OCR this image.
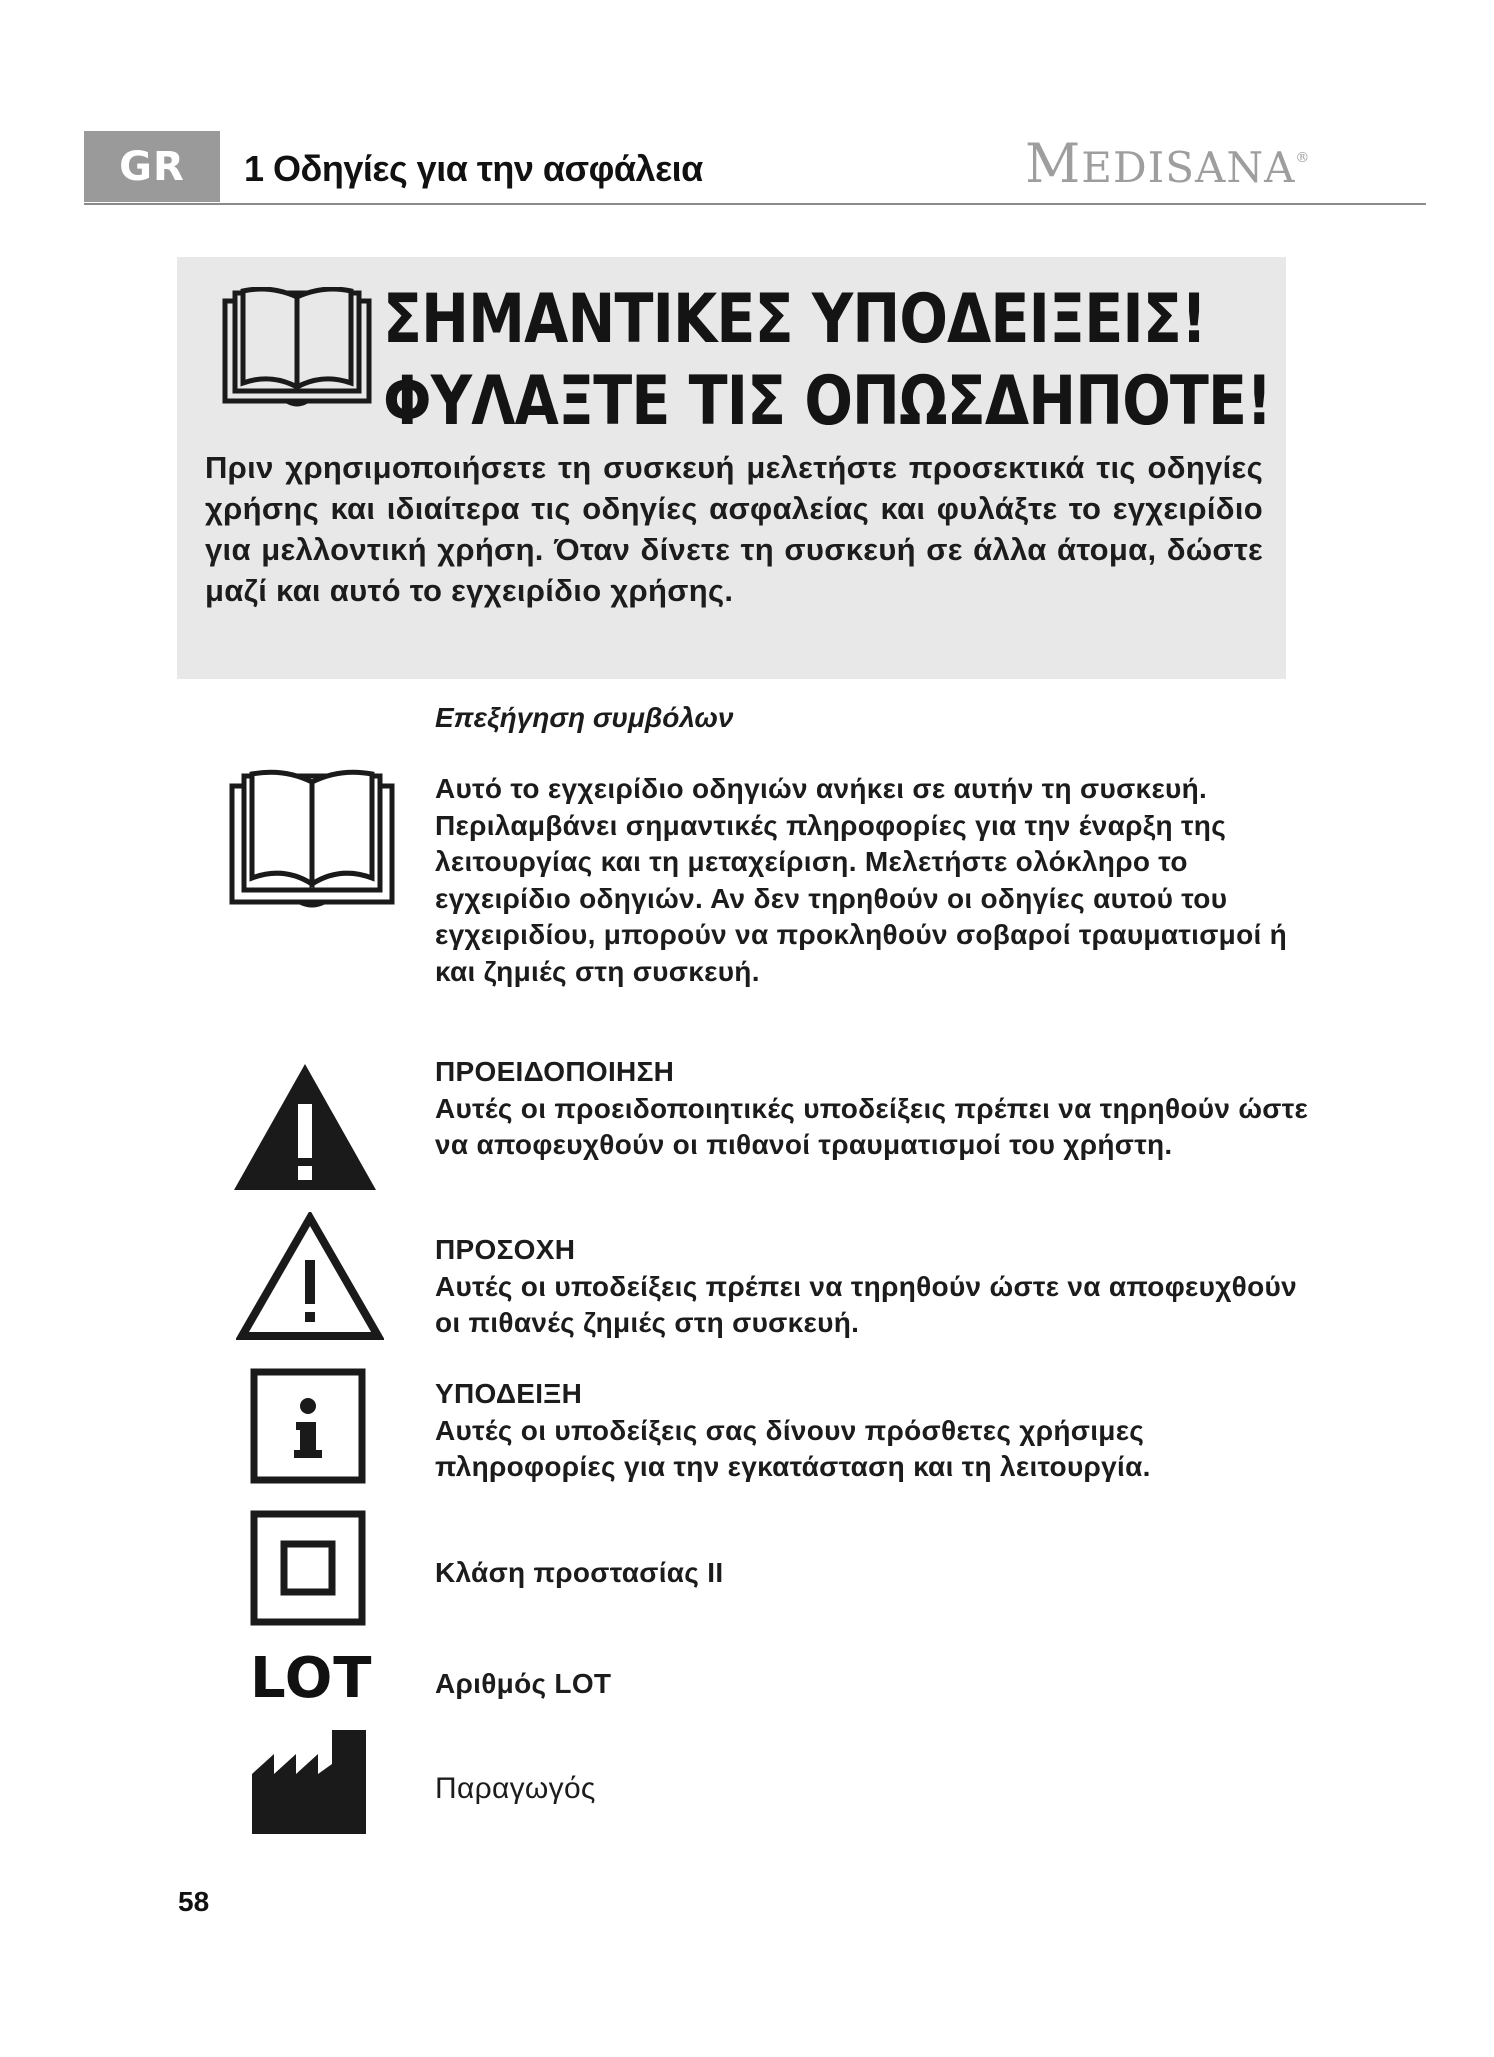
GR	1 Οδηγίες για την ασφάλεια	MEDISANA®
ΣΗΜΑΝΤΙΚΕΣ ΥΠΟΔΕΙΞΕΙΣ!
ΦΥΛΑΞΤΕ ΤΙΣ ΟΠΩΣΔΗΠΟΤΕ!
Πριν χρησιμοποιήσετε τη συσκευή μελετήστε προσεκτικά τις οδηγίες χρήσης και ιδιαίτερα τις οδηγίες ασφαλείας και φυλάξτε το εγχειρίδιο για μελλοντική χρήση. Όταν δίνετε τη συσκευή σε άλλα άτομα, δώστε μαζί και αυτό το εγχειρίδιο χρήσης.
Επεξήγηση συμβόλων
Αυτό το εγχειρίδιο οδηγιών ανήκει σε αυτήν τη συσκευή. Περιλαμβάνει σημαντικές πληροφορίες για την έναρξη της λειτουργίας και τη μεταχείριση. Μελετήστε ολόκληρο το εγχειρίδιο οδηγιών. Αν δεν τηρηθούν οι οδηγίες αυτού του εγχειριδίου, μπορούν να προκληθούν σοβαροί τραυματισμοί ή και ζημιές στη συσκευή.
ΠΡΟΕΙΔΟΠΟΙΗΣΗ
Αυτές οι προειδοποιητικές υποδείξεις πρέπει να τηρηθούν ώστε να αποφευχθούν οι πιθανοί τραυματισμοί του χρήστη.
ΠΡΟΣΟΧΗ
Αυτές οι υποδείξεις πρέπει να τηρηθούν ώστε να αποφευχθούν οι πιθανές ζημιές στη συσκευή.
ΥΠΟΔΕΙΞΗ
Αυτές οι υποδείξεις σας δίνουν πρόσθετες χρήσιμες πληροφορίες για την εγκατάσταση και τη λειτουργία.
Κλάση προστασίας II
LOT Αριθμός LOT
Παραγωγός
58
